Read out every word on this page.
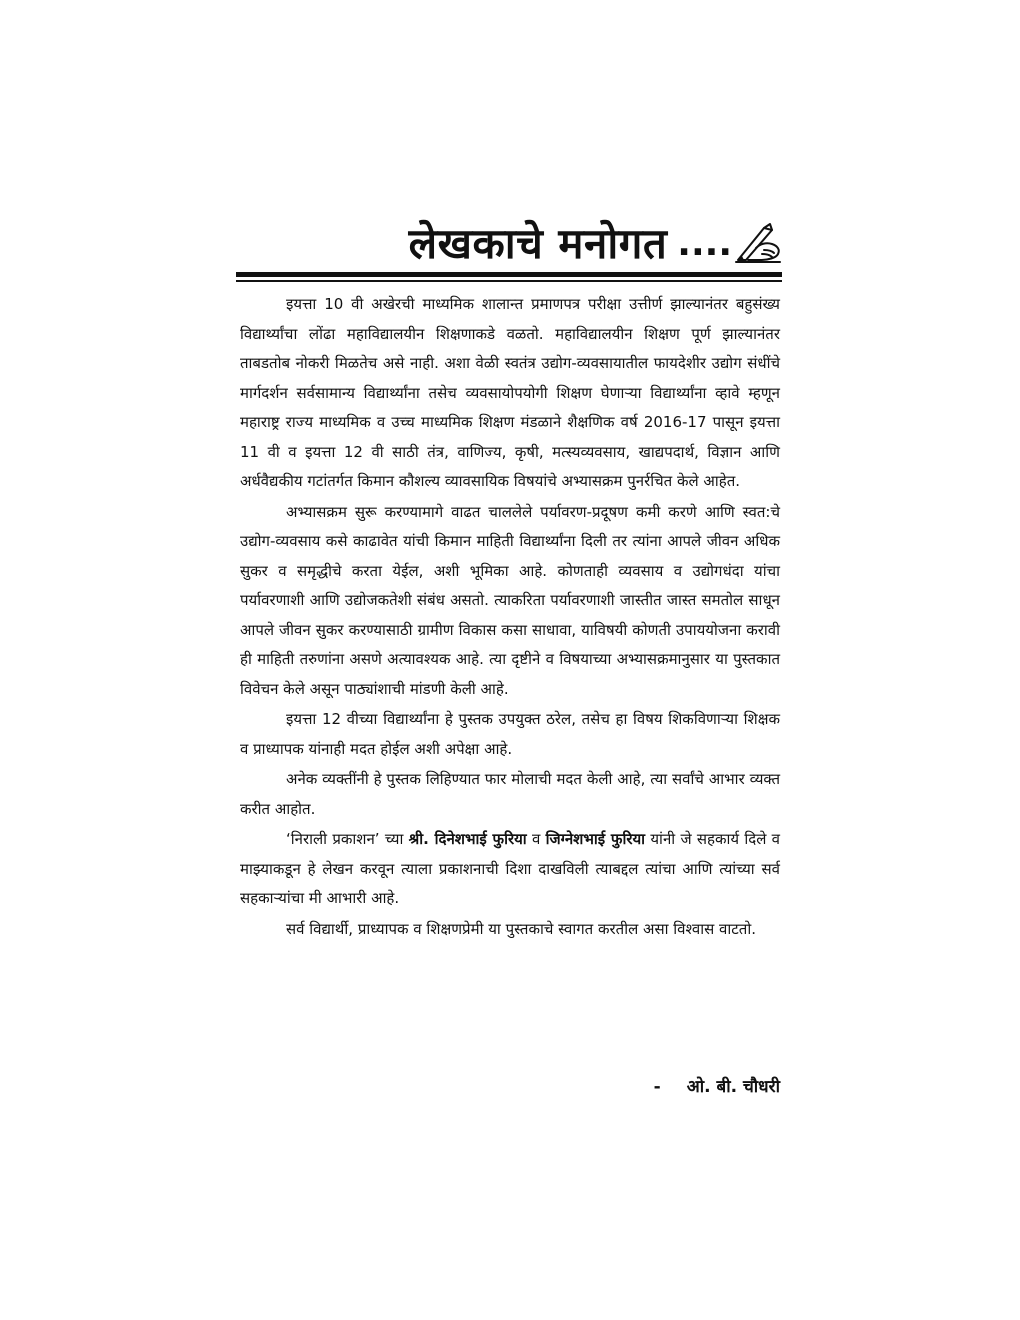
लेखकाचे मनोगत ....

इयत्ता 10 वी अखेरची माध्यमिक शालान्त प्रमाणपत्र परीक्षा उत्तीर्ण झाल्यानंतर बहुसंख्य विद्यार्थ्यांचा लोंढा महाविद्यालयीन शिक्षणाकडे वळतो. महाविद्यालयीन शिक्षण पूर्ण झाल्यानंतर ताबडतोब नोकरी मिळतेच असे नाही. अशा वेळी स्वतंत्र उद्योग-व्यवसायातील फायदेशीर उद्योग संधींचे मार्गदर्शन सर्वसामान्य विद्यार्थ्यांना तसेच व्यवसायोपयोगी शिक्षण घेणाऱ्या विद्यार्थ्यांना व्हावे म्हणून महाराष्ट्र राज्य माध्यमिक व उच्च माध्यमिक शिक्षण मंडळाने शैक्षणिक वर्ष 2016-17 पासून इयत्ता 11 वी व इयत्ता 12 वी साठी तंत्र, वाणिज्य, कृषी, मत्स्यव्यवसाय, खाद्यपदार्थ, विज्ञान आणि अर्धवैद्यकीय गटांतर्गत किमान कौशल्य व्यावसायिक विषयांचे अभ्यासक्रम पुनर्रचित केले आहेत.

अभ्यासक्रम सुरू करण्यामागे वाढत चाललेले पर्यावरण-प्रदूषण कमी करणे आणि स्वत:चे उद्योग-व्यवसाय कसे काढावेत यांची किमान माहिती विद्यार्थ्यांना दिली तर त्यांना आपले जीवन अधिक सुकर व समृद्धीचे करता येईल, अशी भूमिका आहे. कोणताही व्यवसाय व उद्योगधंदा यांचा पर्यावरणाशी आणि उद्योजकतेशी संबंध असतो. त्याकरिता पर्यावरणाशी जास्तीत जास्त समतोल साधून आपले जीवन सुकर करण्यासाठी ग्रामीण विकास कसा साधावा, याविषयी कोणती उपाययोजना करावी ही माहिती तरुणांना असणे अत्यावश्यक आहे. त्या दृष्टीने व विषयाच्या अभ्यासक्रमानुसार या पुस्तकात विवेचन केले असून पाठ्यांशाची मांडणी केली आहे.

इयत्ता 12 वीच्या विद्यार्थ्यांना हे पुस्तक उपयुक्त ठरेल, तसेच हा विषय शिकविणाऱ्या शिक्षक व प्राध्यापक यांनाही मदत होईल अशी अपेक्षा आहे.

अनेक व्यक्तींनी हे पुस्तक लिहिण्यात फार मोलाची मदत केली आहे, त्या सर्वांचे आभार व्यक्त करीत आहोत.

‘निराली प्रकाशन’ च्या श्री. दिनेशभाई फुरिया व जिग्नेशभाई फुरिया यांनी जे सहकार्य दिले व माझ्याकडून हे लेखन करवून त्याला प्रकाशनाची दिशा दाखविली त्याबद्दल त्यांचा आणि त्यांच्या सर्व सहकाऱ्यांचा मी आभारी आहे.

सर्व विद्यार्थी, प्राध्यापक व शिक्षणप्रेमी या पुस्तकाचे स्वागत करतील असा विश्वास वाटतो.

- ओ. बी. चौधरी
